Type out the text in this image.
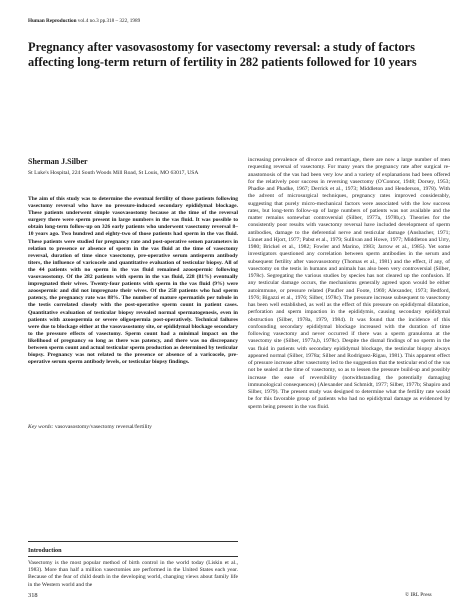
Human Reproduction vol.4 no.3 pp.318 – 322, 1989
Pregnancy after vasovasostomy for vasectomy reversal: a study of factors affecting long-term return of fertility in 282 patients followed for 10 years
Sherman J.Silber
St Luke's Hospital, 224 South Woods Mill Road, St Louis, MO 63017, USA
The aim of this study was to determine the eventual fertility of those patients following vasectomy reversal who have no pressure-induced secondary epididymal blockage. These patients underwent simple vasovasostomy because at the time of the reversal surgery there were sperm present in large numbers in the vas fluid. It was possible to obtain long-term follow-up on 326 early patients who underwent vasectomy reversal 8–10 years ago. Two hundred and eighty-two of those patients had sperm in the vas fluid. These patients were studied for pregnancy rate and post-operative semen parameters in relation to presence or absence of sperm in the vas fluid at the time of vasectomy reversal, duration of time since vasectomy, pre-operative serum antisperm antibody titers, the influence of varicocele and quantitative evaluation of testicular biopsy. All of the 44 patients with no sperm in the vas fluid remained azoospermic following vasovasostomy. Of the 282 patients with sperm in the vas fluid, 228 (81%) eventually impregnated their wives. Twenty-four patients with sperm in the vas fluid (9%) were azoospermic and did not impregnate their wives. Of the 258 patients who had sperm patency, the pregnancy rate was 88%. The number of mature spermatids per tubule in the testis correlated closely with the post-operative sperm count in patient cases. Quantitative evaluation of testicular biopsy revealed normal spermatogenesis, even in patients with azoospermia or severe oligospermia post-operatively. Technical failures were due to blockage either at the vasovasostomy site, or epididymal blockage secondary to the pressure effects of vasectomy. Sperm count had a minimal impact on the likelihood of pregnancy so long as there was patency, and there was no discrepancy between sperm count and actual testicular sperm production as determined by testicular biopsy. Pregnancy was not related to the presence or absence of a varicocele, pre-operative serum sperm antibody levels, or testicular biopsy findings.
Key words: vasovasostomy/vasectomy reversal/fertility
Introduction
Vasectomy is the most popular method of birth control in the world today (Liskin et al., 1983). More than half a million vasectomies are performed in the United States each year. Because of the fear of child death in the developing world, changing views about family life in the Western world and the
increasing prevalence of divorce and remarriage, there are now a large number of men requesting reversal of vasectomy. For many years the pregnancy rate after surgical re-anastomosis of the vas had been very low and a variety of explanations had been offered for the relatively poor success in reversing vasectomy (O'Connor, 1948; Dorsey, 1953; Phadke and Phadke, 1967; Derrick et al., 1973; Middleton and Henderson, 1978). With the advent of microsurgical techniques, pregnancy rates improved considerably, suggesting that purely micro-mechanical factors were associated with the low success rates, but long-term follow-up of large numbers of patients was not available and the matter remains somewhat controversial (Silber, 1977a, 1978b,c). Theories for the consistently poor results with vasectomy reversal have included development of sperm antibodies, damage to the deferential nerve and testicular damage (Ansbacher, 1971; Linnet and Hjort, 1977; Pabst et al., 1979; Sullivan and Howe, 1977; Middleton and Urry, 1980; Brickel et al., 1982; Fowler and Marino, 1983; Jarrow et al., 1985). Yet some investigators questioned any correlation between sperm antibodies in the serum and subsequent fertility after vasovasostomy (Thomas et al., 1981) and the effect, if any, of vasectomy on the testis in humans and animals has also been very controversial (Silber, 1978c). Segregating the various studies by species has not cleared up the confusion. If any testicular damage occurs, the mechanisms generally agreed upon would be either autoimmune, or pressure related (Paufler and Foote, 1969; Alexander, 1973; Bedford, 1976; Bigazzi et al., 1976; Silber, 1978c). The pressure increase subsequent to vasectomy has been well established, as well as the effect of this pressure on epididymal dilatation, perforation and sperm impaction in the epididymis, causing secondary epididymal obstruction (Silber, 1978a, 1979, 1984). It was found that the incidence of this confounding secondary epididymal blockage increased with the duration of time following vasectomy and never occurred if there was a sperm granuloma at the vasectomy site (Silber, 1977a,b, 1978c). Despite the dismal findings of no sperm in the vas fluid in patients with secondary epididymal blockage, the testicular biopsy always appeared normal (Silber, 1978a; Silber and Rodriguez-Rigau, 1981). This apparent effect of pressure increase after vasectomy led to the suggestion that the testicular end of the vas not be sealed at the time of vasectomy, so as to lessen the pressure build-up and possibly increase the ease of reversibility (notwithstanding the potentially damaging immunological consequences) (Alexander and Schmidt, 1977; Silber, 1977b; Shapiro and Silber, 1979). The present study was designed to determine what the fertility rate would be for this favorable group of patients who had no epididymal damage as evidenced by sperm being present in the vas fluid.
318	© IRL Press
